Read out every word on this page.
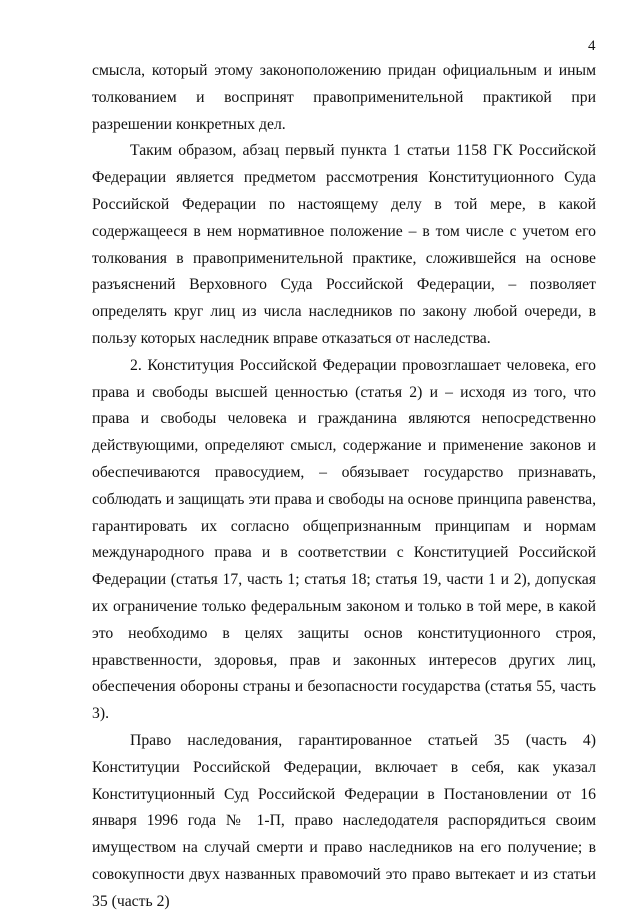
4

смысла, который этому законоположению придан официальным и иным толкованием и воспринят правоприменительной практикой при разрешении конкретных дел.

Таким образом, абзац первый пункта 1 статьи 1158 ГК Российской Федерации является предметом рассмотрения Конституционного Суда Российской Федерации по настоящему делу в той мере, в какой содержащееся в нем нормативное положение – в том числе с учетом его толкования в правоприменительной практике, сложившейся на основе разъяснений Верховного Суда Российской Федерации, – позволяет определять круг лиц из числа наследников по закону любой очереди, в пользу которых наследник вправе отказаться от наследства.

2. Конституция Российской Федерации провозглашает человека, его права и свободы высшей ценностью (статья 2) и – исходя из того, что права и свободы человека и гражданина являются непосредственно действующими, определяют смысл, содержание и применение законов и обеспечиваются правосудием, – обязывает государство признавать, соблюдать и защищать эти права и свободы на основе принципа равенства, гарантировать их согласно общепризнанным принципам и нормам международного права и в соответствии с Конституцией Российской Федерации (статья 17, часть 1; статья 18; статья 19, части 1 и 2), допуская их ограничение только федеральным законом и только в той мере, в какой это необходимо в целях защиты основ конституционного строя, нравственности, здоровья, прав и законных интересов других лиц, обеспечения обороны страны и безопасности государства (статья 55, часть 3).

Право наследования, гарантированное статьей 35 (часть 4) Конституции Российской Федерации, включает в себя, как указал Конституционный Суд Российской Федерации в Постановлении от 16 января 1996 года № 1-П, право наследодателя распорядиться своим имуществом на случай смерти и право наследников на его получение; в совокупности двух названных правомочий это право вытекает и из статьи 35 (часть 2)
